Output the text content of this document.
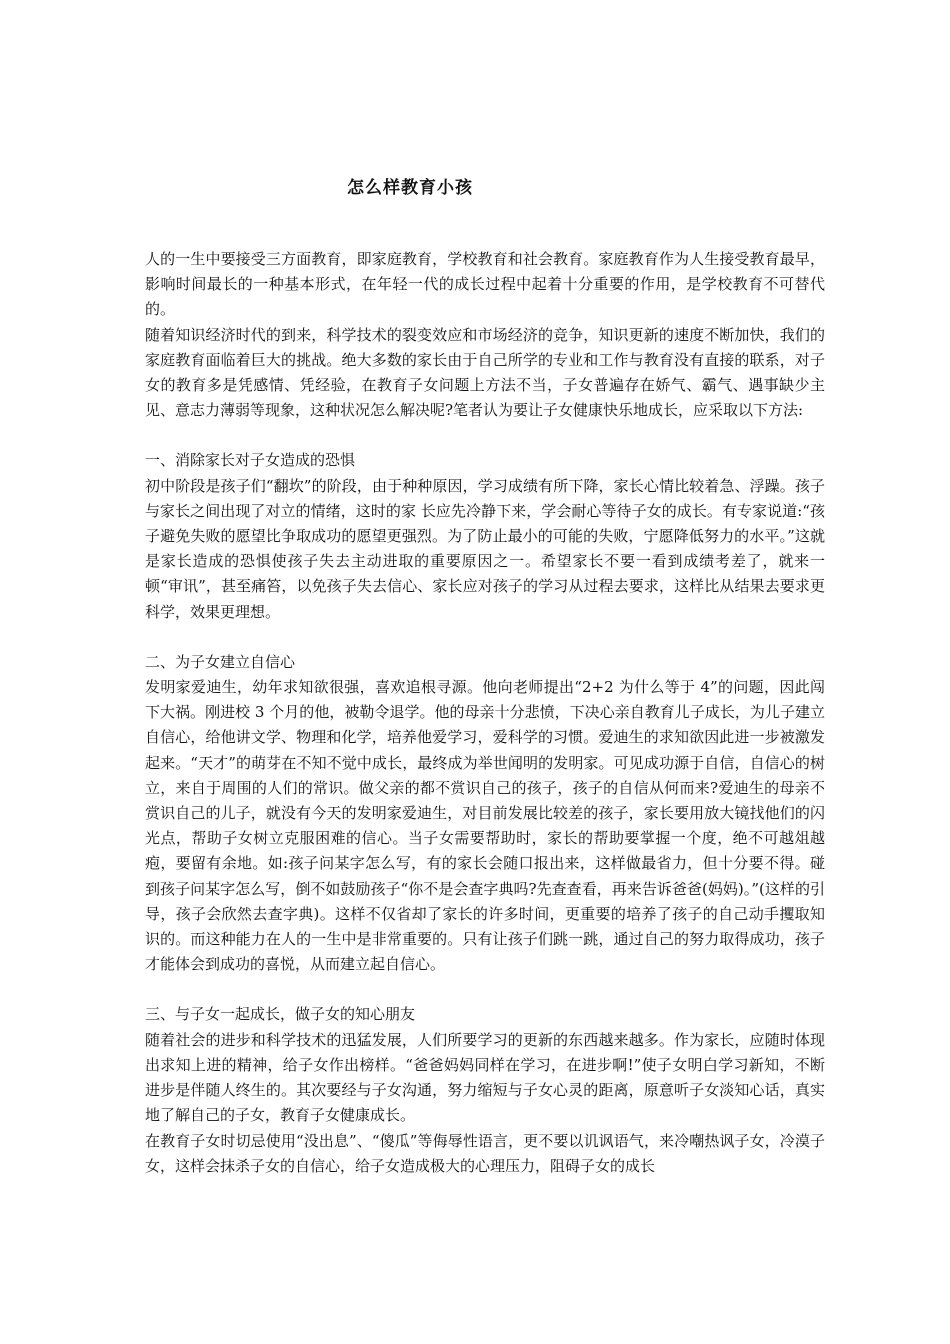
怎么样教育小孩

人的一生中要接受三方面教育，即家庭教育，学校教育和社会教育。家庭教育作为人生接受教育最早，影响时间最长的一种基本形式，在年轻一代的成长过程中起着十分重要的作用，是学校教育不可替代的。

随着知识经济时代的到来，科学技术的裂变效应和市场经济的竞争，知识更新的速度不断加快，我们的家庭教育面临着巨大的挑战。绝大多数的家长由于自己所学的专业和工作与教育没有直接的联系，对子女的教育多是凭感情、凭经验，在教育子女问题上方法不当，子女普遍存在娇气、霸气、遇事缺少主见、意志力薄弱等现象，这种状况怎么解决呢?笔者认为要让子女健康快乐地成长，应采取以下方法:

一、消除家长对子女造成的恐惧

初中阶段是孩子们“翻坎”的阶段，由于种种原因，学习成绩有所下降，家长心情比较着急、浮躁。孩子与家长之间出现了对立的情绪，这时的家 长应先冷静下来，学会耐心等待子女的成长。有专家说道:“孩子避免失败的愿望比争取成功的愿望更强烈。为了防止最小的可能的失败，宁愿降低努力的水平。”这就是家长造成的恐惧使孩子失去主动进取的重要原因之一。希望家长不要一看到成绩考差了，就来一顿“审讯”，甚至痛笞，以免孩子失去信心、家长应对孩子的学习从过程去要求，这样比从结果去要求更科学，效果更理想。

二、为子女建立自信心

发明家爱迪生，幼年求知欲很强，喜欢追根寻源。他向老师提出“2+2 为什么等于 4”的问题，因此闯下大祸。刚进校 3 个月的他，被勒令退学。他的母亲十分悲愤，下决心亲自教育儿子成长，为儿子建立自信心，给他讲文学、物理和化学，培养他爱学习，爱科学的习惯。爱迪生的求知欲因此进一步被激发起来。“天才”的萌芽在不知不觉中成长，最终成为举世闻明的发明家。可见成功源于自信，自信心的树立，来自于周围的人们的常识。做父亲的都不赏识自己的孩子，孩子的自信从何而来?爱迪生的母亲不赏识自己的儿子，就没有今天的发明家爱迪生，对目前发展比较差的孩子，家长要用放大镜找他们的闪光点，帮助子女树立克服困难的信心。当子女需要帮助时，家长的帮助要掌握一个度，绝不可越俎越疱，要留有余地。如:孩子问某字怎么写，有的家长会随口报出来，这样做最省力，但十分要不得。碰到孩子问某字怎么写，倒不如鼓励孩子“你不是会查字典吗?先查查看，再来告诉爸爸(妈妈)。”(这样的引导，孩子会欣然去查字典)。这样不仅省却了家长的许多时间，更重要的培养了孩子的自己动手攫取知识的。而这种能力在人的一生中是非常重要的。只有让孩子们跳一跳，通过自己的努力取得成功，孩子才能体会到成功的喜悦，从而建立起自信心。

三、与子女一起成长，做子女的知心朋友

随着社会的进步和科学技术的迅猛发展，人们所要学习的更新的东西越来越多。作为家长，应随时体现出求知上进的精神，给子女作出榜样。“爸爸妈妈同样在学习，在进步啊!”使子女明白学习新知，不断进步是伴随人终生的。其次要经与子女沟通，努力缩短与子女心灵的距离，原意听子女淡知心话，真实地了解自己的子女，教育子女健康成长。

在教育子女时切忌使用“没出息”、“傻瓜”等侮辱性语言，更不要以讥讽语气，来冷嘲热讽子女，冷漠子女，这样会抹杀子女的自信心，给子女造成极大的心理压力，阻碍子女的成长
